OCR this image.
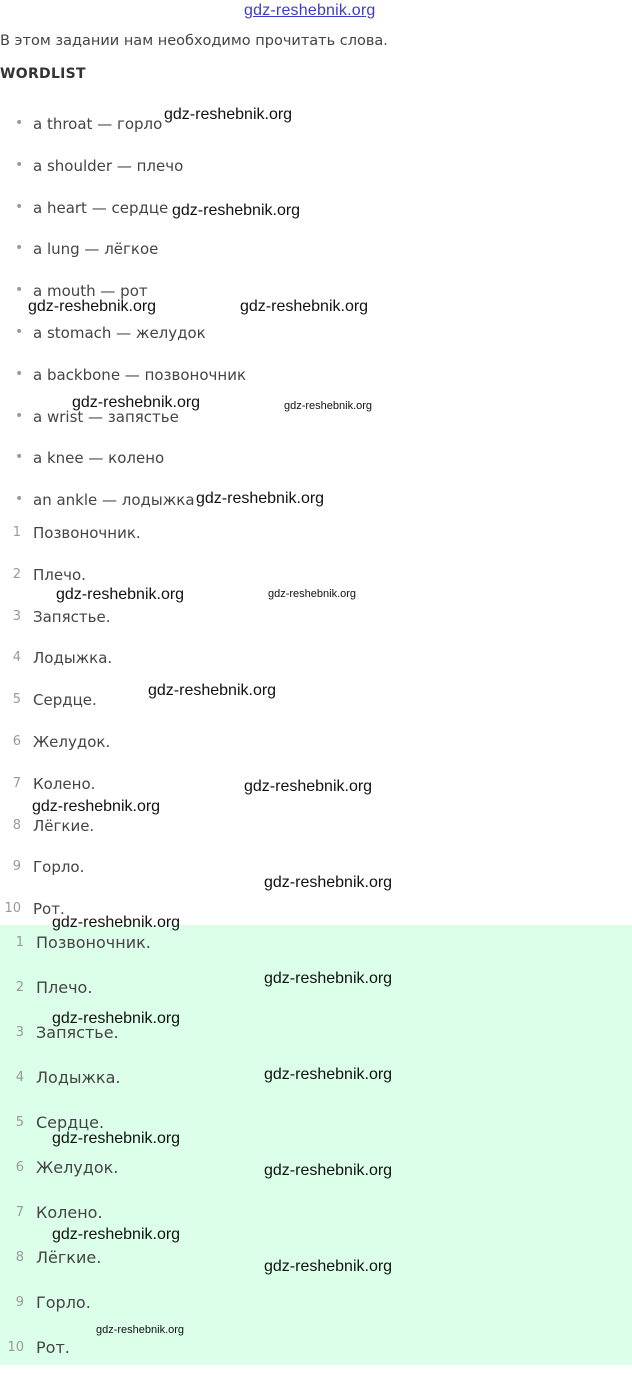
gdz-reshebnik.org
В этом задании нам необходимо прочитать слова.
WORDLIST
• a throat — горло
• a shoulder — плечо
• a heart — сердце
• a lung — лёгкое
• a mouth — рот
• a stomach — желудок
• a backbone — позвоночник
• a wrist — запястье
• a knee — колено
• an ankle — лодыжка
1 Позвоночник.
2 Плечо.
3 Запястье.
4 Лодыжка.
5 Сердце.
6 Желудок.
7 Колено.
8 Лёгкие.
9 Горло.
10 Рот.
1 Позвоночник.
2 Плечо.
3 Запястье.
4 Лодыжка.
5 Сердце.
6 Желудок.
7 Колено.
8 Лёгкие.
9 Горло.
10 Рот.
gdz-reshebnik.org
gdz-reshebnik.org
gdz-reshebnik.org	gdz-reshebnik.org
gdz-reshebnik.org	gdz-reshebnik.org
gdz-reshebnik.org
gdz-reshebnik.org	gdz-reshebnik.org
gdz-reshebnik.org
gdz-reshebnik.org
gdz-reshebnik.org
gdz-reshebnik.org
gdz-reshebnik.org
gdz-reshebnik.org
gdz-reshebnik.org
gdz-reshebnik.org
gdz-reshebnik.org
gdz-reshebnik.org
gdz-reshebnik.org
gdz-reshebnik.org
gdz-reshebnik.org
